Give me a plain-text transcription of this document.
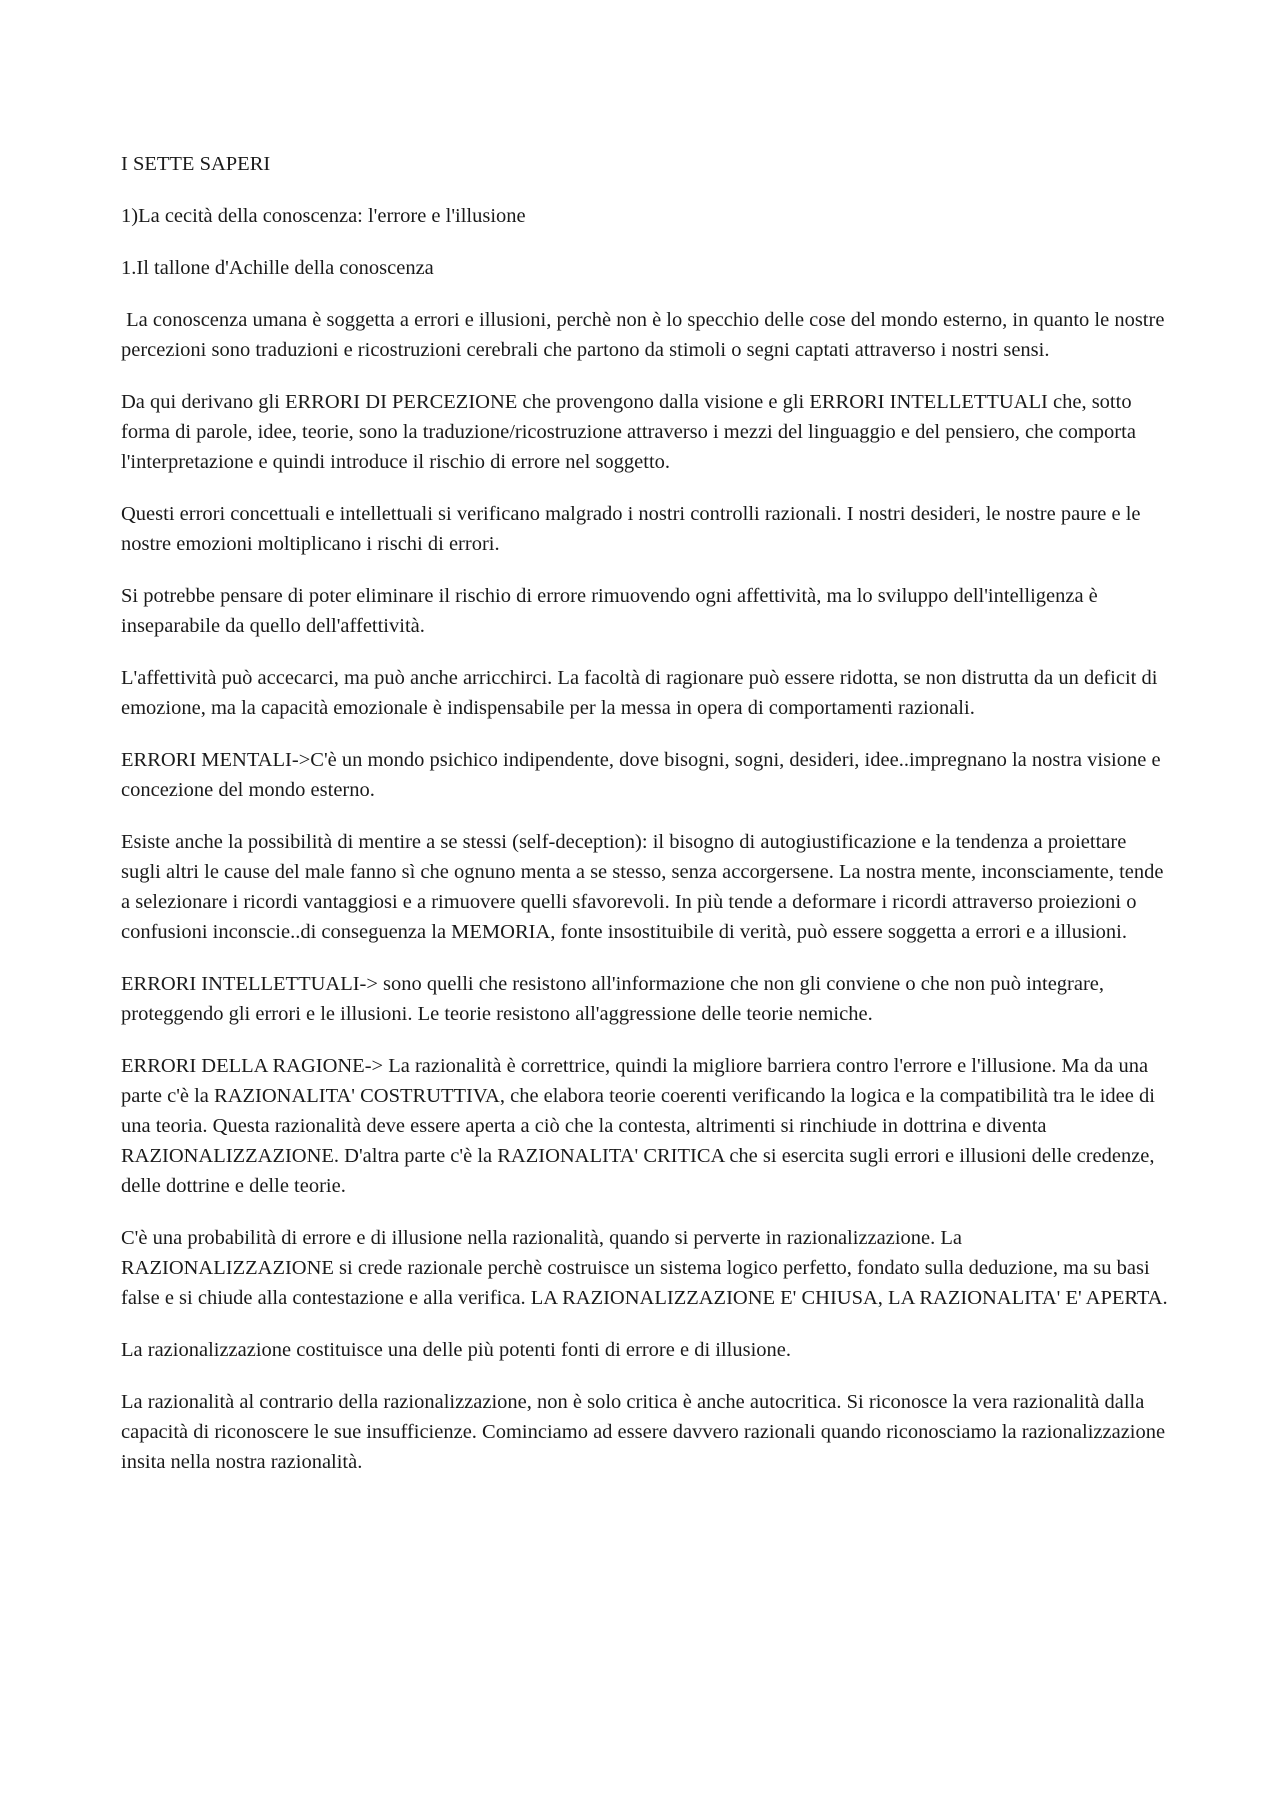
I SETTE SAPERI

1)La cecità della conoscenza: l'errore e l'illusione

1.Il tallone d'Achille della conoscenza

La conoscenza umana è soggetta a errori e illusioni, perchè non è lo specchio delle cose del mondo esterno, in quanto le nostre percezioni sono traduzioni e ricostruzioni cerebrali che partono da stimoli o segni captati attraverso i nostri sensi.

Da qui derivano gli ERRORI DI PERCEZIONE che provengono dalla visione e gli ERRORI INTELLETTUALI che, sotto forma di parole, idee, teorie, sono la traduzione/ricostruzione attraverso i mezzi del linguaggio e del pensiero, che comporta l'interpretazione e quindi introduce il rischio di errore nel soggetto.

Questi errori concettuali e intellettuali si verificano malgrado i nostri controlli razionali. I nostri desideri, le nostre paure e le nostre emozioni moltiplicano i rischi di errori.

Si potrebbe pensare di poter eliminare il rischio di errore rimuovendo ogni affettività, ma lo sviluppo dell'intelligenza è inseparabile da quello dell'affettività.

L'affettività può accecarci, ma può anche arricchirci. La facoltà di ragionare può essere ridotta, se non distrutta da un deficit di emozione, ma la capacità emozionale è indispensabile per la messa in opera di comportamenti razionali.

ERRORI MENTALI->C'è un mondo psichico indipendente, dove bisogni, sogni, desideri, idee..impregnano la nostra visione e concezione del mondo esterno.

Esiste anche la possibilità di mentire a se stessi (self-deception): il bisogno di autogiustificazione e la tendenza a proiettare sugli altri le cause del male fanno sì che ognuno menta a se stesso, senza accorgersene. La nostra mente, inconsciamente, tende a selezionare i ricordi vantaggiosi e a rimuovere quelli sfavorevoli. In più tende a deformare i ricordi attraverso proiezioni o confusioni inconscie..di conseguenza la MEMORIA, fonte insostituibile di verità, può essere soggetta a errori e a illusioni.

ERRORI INTELLETTUALI-> sono quelli che resistono all'informazione che non gli conviene o che non può integrare, proteggendo gli errori e le illusioni. Le teorie resistono all'aggressione delle teorie nemiche.

ERRORI DELLA RAGIONE-> La razionalità è correttrice, quindi la migliore barriera contro l'errore e l'illusione. Ma da una parte c'è la RAZIONALITA' COSTRUTTIVA, che elabora teorie coerenti verificando la logica e la compatibilità tra le idee di una teoria. Questa razionalità deve essere aperta a ciò che la contesta, altrimenti si rinchiude in dottrina e diventa RAZIONALIZZAZIONE. D'altra parte c'è la RAZIONALITA' CRITICA che si esercita sugli errori e illusioni delle credenze, delle dottrine e delle teorie.

C'è una probabilità di errore e di illusione nella razionalità, quando si perverte in razionalizzazione. La RAZIONALIZZAZIONE si crede razionale perchè costruisce un sistema logico perfetto, fondato sulla deduzione, ma su basi false e si chiude alla contestazione e alla verifica. LA RAZIONALIZZAZIONE E' CHIUSA, LA RAZIONALITA' E' APERTA.

La razionalizzazione costituisce una delle più potenti fonti di errore e di illusione.

La razionalità al contrario della razionalizzazione, non è solo critica è anche autocritica. Si riconosce la vera razionalità dalla capacità di riconoscere le sue insufficienze. Cominciamo ad essere davvero razionali quando riconosciamo la razionalizzazione insita nella nostra razionalità.
